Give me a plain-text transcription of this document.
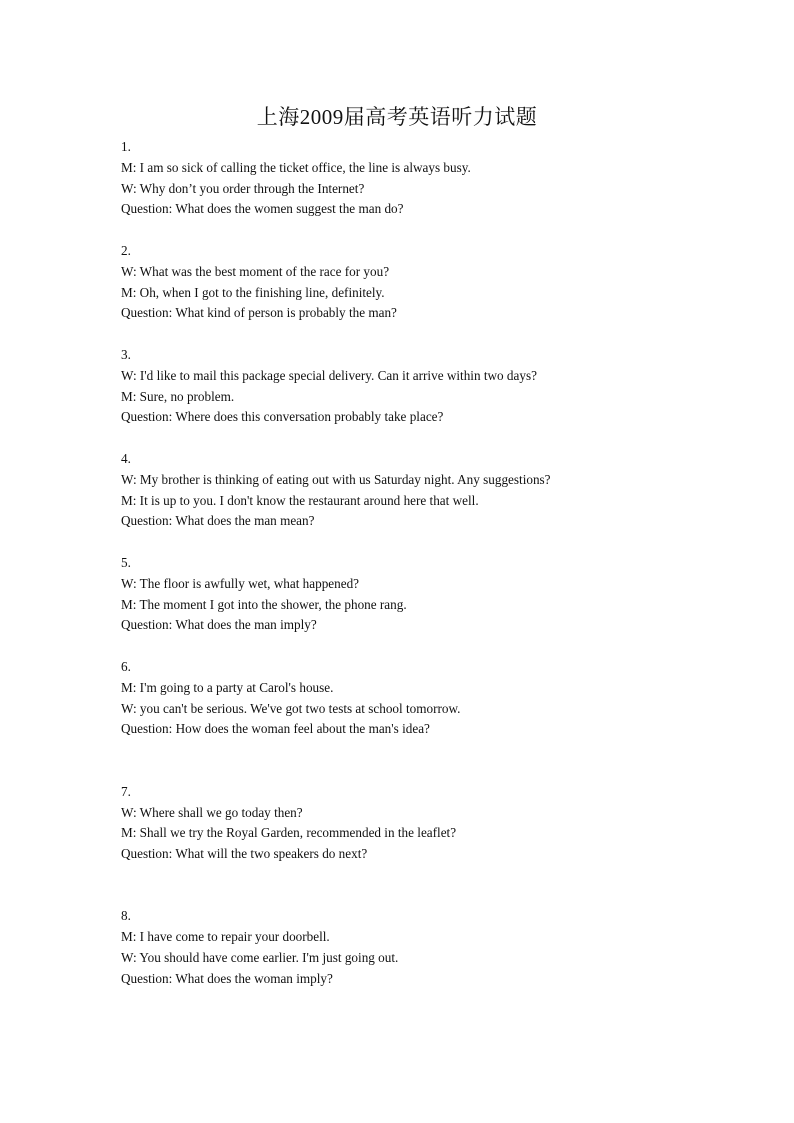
上海2009届高考英语听力试题
1.
M: I am so sick of calling the ticket office, the line is always busy.
W: Why don’t you order through the Internet?
Question: What does the women suggest the man do?
2.
W: What was the best moment of the race for you?
M: Oh, when I got to the finishing line, definitely.
Question: What kind of person is probably the man?
3.
W: I'd like to mail this package special delivery. Can it arrive within two days?
M: Sure, no problem.
Question: Where does this conversation probably take place?
4.
W: My brother is thinking of eating out with us Saturday night. Any suggestions?
M: It is up to you. I don't know the restaurant around here that well.
Question: What does the man mean?
5.
W: The floor is awfully wet, what happened?
M: The moment I got into the shower, the phone rang.
Question: What does the man imply?
6.
M: I'm going to a party at Carol's house.
W: you can't be serious. We've got two tests at school tomorrow.
Question: How does the woman feel about the man's idea?
7.
W: Where shall we go today then?
M: Shall we try the Royal Garden, recommended in the leaflet?
Question: What will the two speakers do next?
8.
M: I have come to repair your doorbell.
W: You should have come earlier. I'm just going out.
Question: What does the woman imply?
